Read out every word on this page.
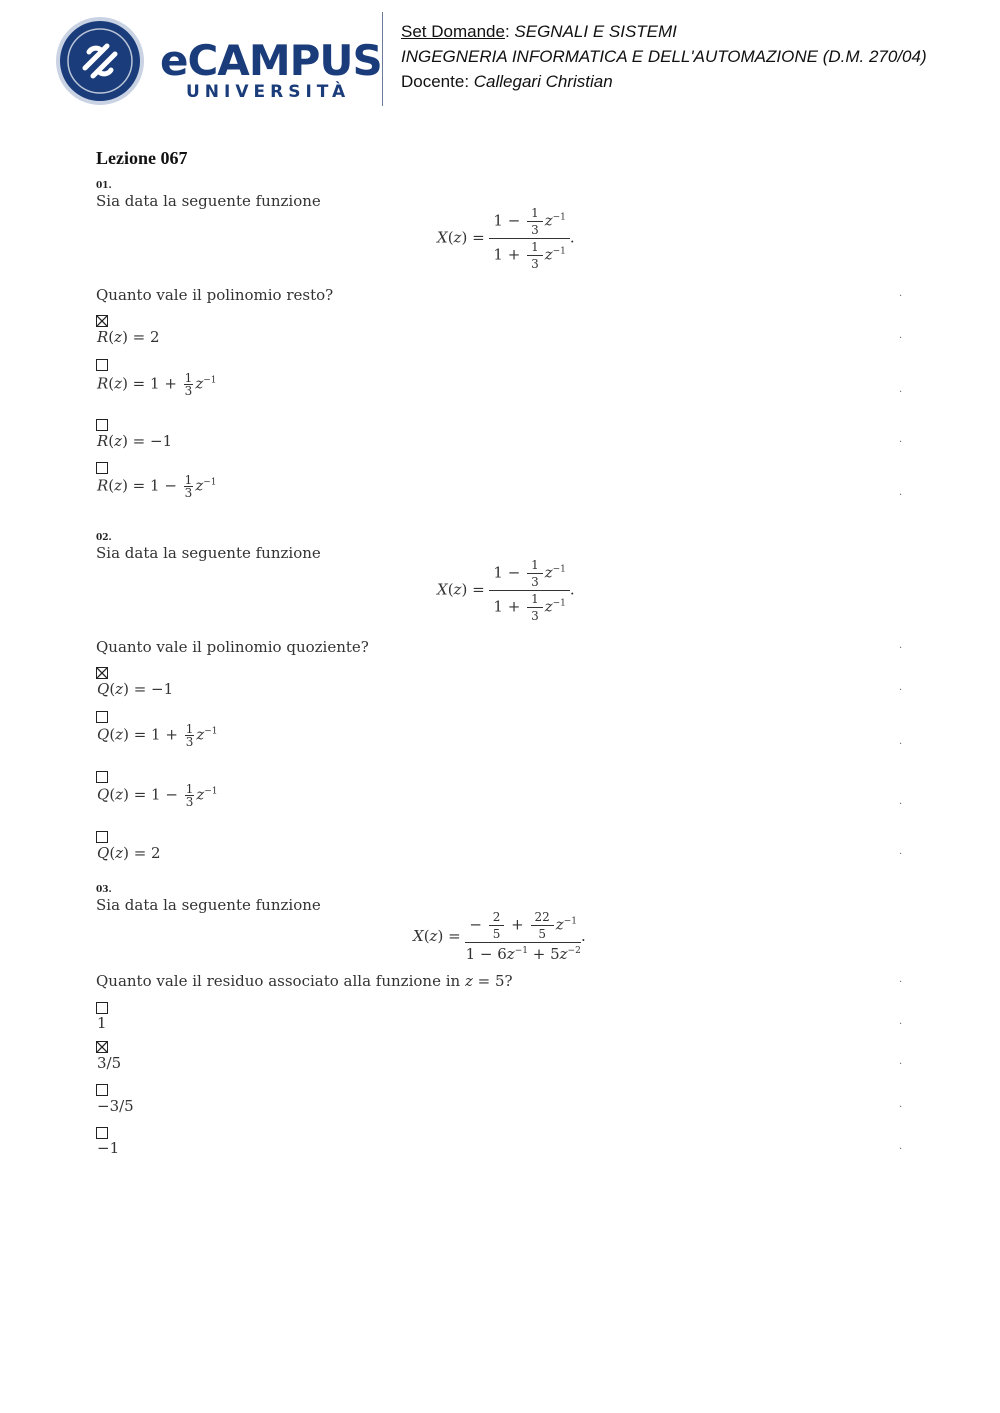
eCAMPUS
UNIVERSITÀ
Set Domande: SEGNALI E SISTEMI
INGEGNERIA INFORMATICA E DELL'AUTOMAZIONE (D.M. 270/04)
Docente: Callegari Christian
Lezione 067
01.
Sia data la seguente funzione
$X(z) = \frac{1 - \frac{1}{3} z^{-1}}{1 + \frac{1}{3} z^{-1}}$ .
Quanto vale il polinomio resto?	.
R(z) = 2	.
$R(z) = 1 + \frac{1}{3} z^{-1}$
.
R(z) = −1	.
$R(z) = 1 - \frac{1}{3} z^{-1}$
.
02.
Sia data la seguente funzione
$X(z) = \frac{1 - \frac{1}{3} z^{-1}}{1 + \frac{1}{3} z^{-1}}$ .
Quanto vale il polinomio quoziente?	.
Q(z) = −1	.
$Q(z) = 1 + \frac{1}{3} z^{-1}$
.
$Q(z) = 1 - \frac{1}{3} z^{-1}$
.
Q(z) = 2	.
03.
Sia data la seguente funzione
$X(z) = \frac{- \frac{2}{5} + \frac{22}{5} z^{-1}}{1 - 6z^{-1} + 5z^{-2}}$ .
Quanto vale il residuo associato alla funzione in z = 5?	.
1	.
3/5	.
−3/5	.
−1	.
